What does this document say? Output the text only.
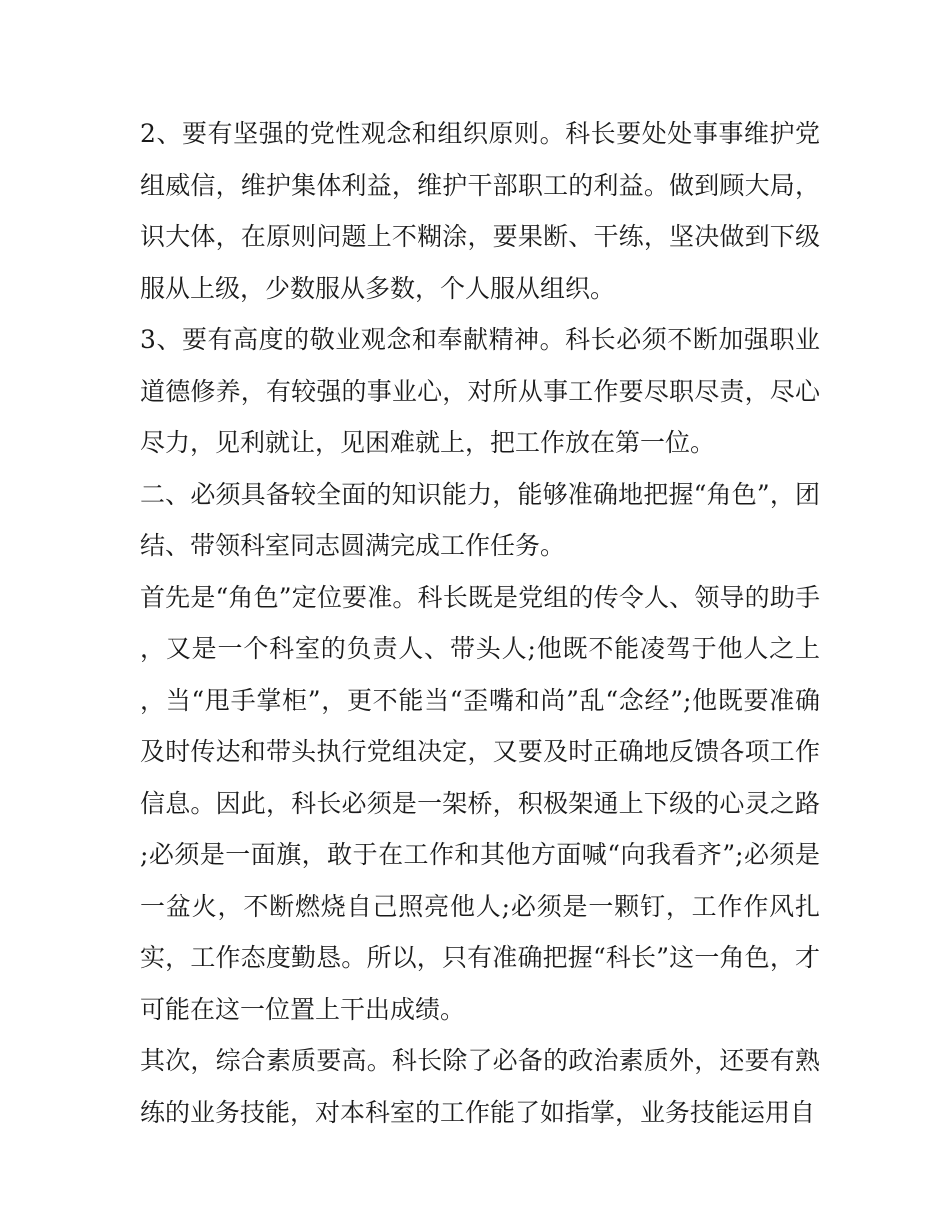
2、要有坚强的党性观念和组织原则。科长要处处事事维护党组威信，维护集体利益，维护干部职工的利益。做到顾大局，识大体，在原则问题上不糊涂，要果断、干练，坚决做到下级服从上级，少数服从多数，个人服从组织。

3、要有高度的敬业观念和奉献精神。科长必须不断加强职业道德修养，有较强的事业心，对所从事工作要尽职尽责，尽心尽力，见利就让，见困难就上，把工作放在第一位。

二、必须具备较全面的知识能力，能够准确地把握“角色”，团结、带领科室同志圆满完成工作任务。

首先是“角色”定位要准。科长既是党组的传令人、领导的助手，又是一个科室的负责人、带头人;他既不能凌驾于他人之上，当“甩手掌柜”，更不能当“歪嘴和尚”乱“念经”;他既要准确及时传达和带头执行党组决定，又要及时正确地反馈各项工作信息。因此，科长必须是一架桥，积极架通上下级的心灵之路;必须是一面旗，敢于在工作和其他方面喊“向我看齐”;必须是一盆火，不断燃烧自己照亮他人;必须是一颗钉，工作作风扎实，工作态度勤恳。所以，只有准确把握“科长”这一角色，才可能在这一位置上干出成绩。

其次，综合素质要高。科长除了必备的政治素质外，还要有熟练的业务技能，对本科室的工作能了如指掌，业务技能运用自
